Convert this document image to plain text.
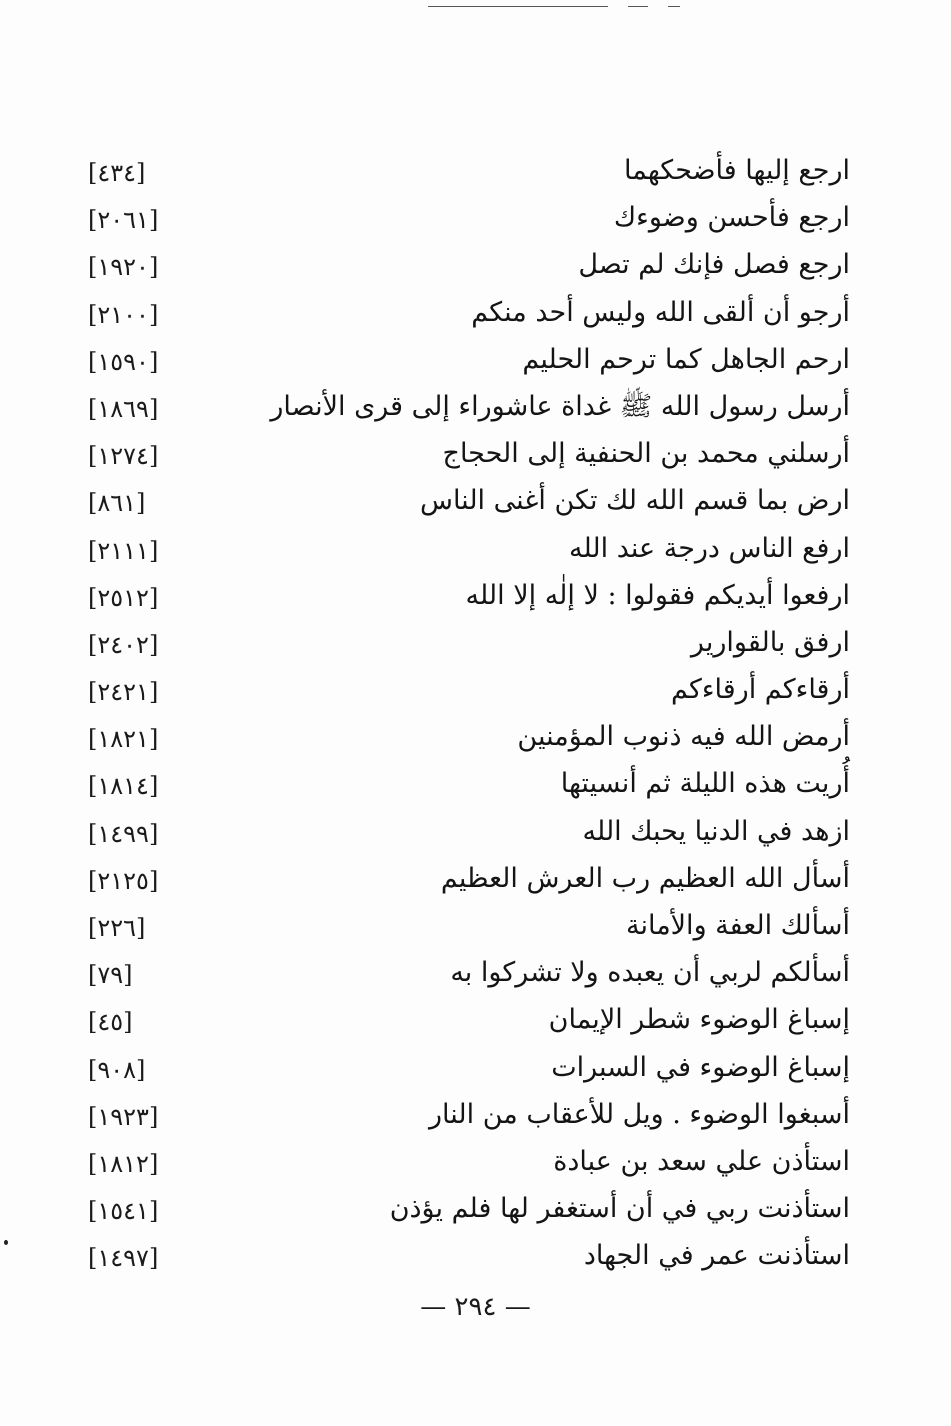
ارجع إليها فأضحكهما
[٤٣٤]
ارجع فأحسن وضوءك
[٢٠٦١]
ارجع فصل فإنك لم تصل
[١٩٢٠]
أرجو أن ألقى الله وليس أحد منكم
[٢١٠٠]
ارحم الجاهل كما ترحم الحليم
[١٥٩٠]
أرسل رسول الله ﷺ غداة عاشوراء إلى قرى الأنصار
[١٨٦٩]
أرسلني محمد بن الحنفية إلى الحجاج
[١٢٧٤]
ارض بما قسم الله لك تكن أغنى الناس
[٨٦١]
ارفع الناس درجة عند الله
[٢١١١]
ارفعوا أيديكم فقولوا : لا إلٰه إلا الله
[٢٥١٢]
ارفق بالقوارير
[٢٤٠٢]
أرقاءكم أرقاءكم
[٢٤٢١]
أرمض الله فيه ذنوب المؤمنين
[١٨٢١]
أُريت هذه الليلة ثم أنسيتها
[١٨١٤]
ازهد في الدنيا يحبك الله
[١٤٩٩]
أسأل الله العظيم رب العرش العظيم
[٢١٢٥]
أسألك العفة والأمانة
[٢٢٦]
أسألكم لربي أن يعبده ولا تشركوا به
[٧٩]
إسباغ الوضوء شطر الإيمان
[٤٥]
إسباغ الوضوء في السبرات
[٩٠٨]
أسبغوا الوضوء . ويل للأعقاب من النار
[١٩٢٣]
استأذن علي سعد بن عبادة
[١٨١٢]
استأذنت ربي في أن أستغفر لها فلم يؤذن
[١٥٤١]
استأذنت عمر في الجهاد
[١٤٩٧]
— ٢٩٤ —
